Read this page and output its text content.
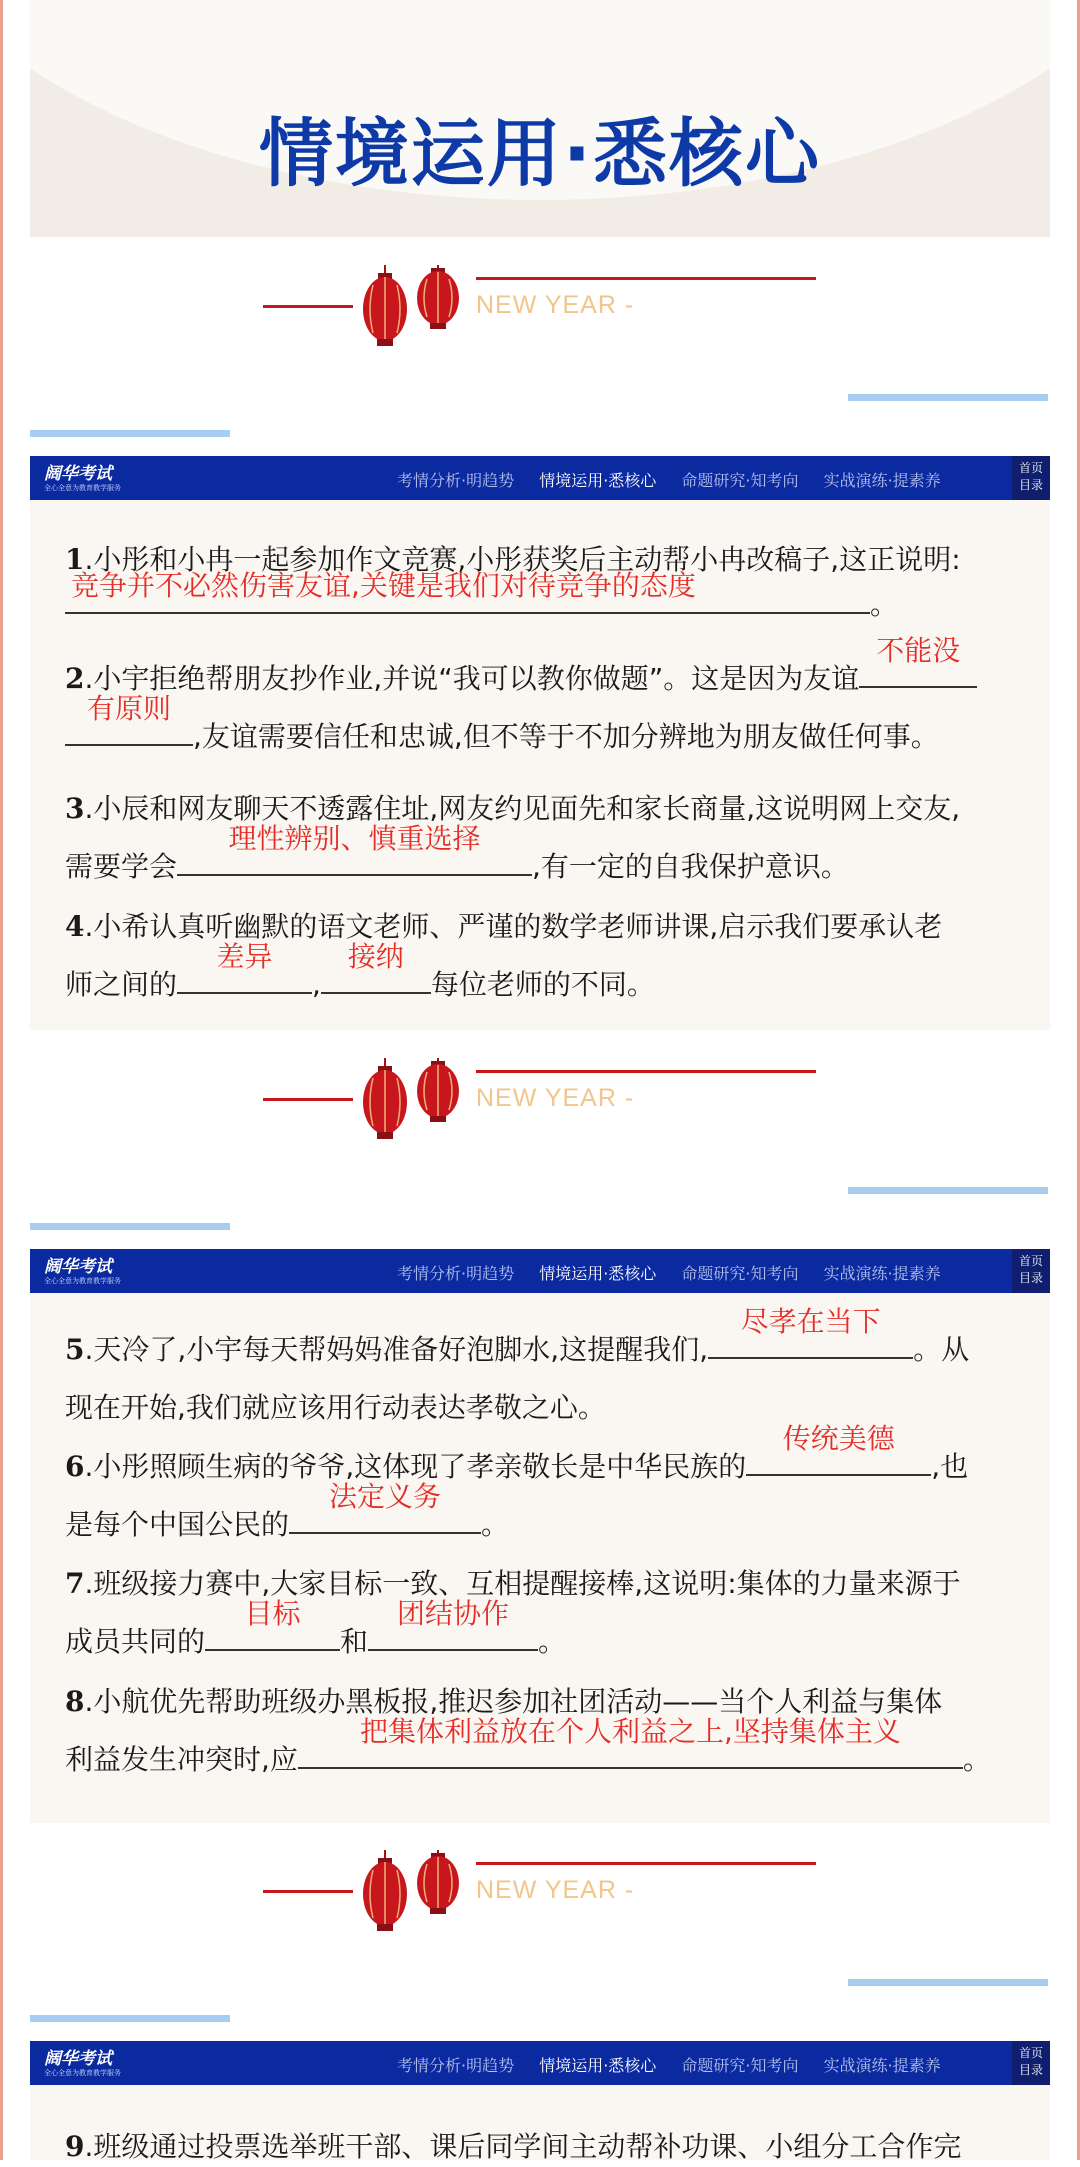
情境运用·悉核心
NEW YEAR -
阔华考试
全心全意为教育教学服务	考情分析·明趋势 情境运用·悉核心 命题研究·知考向 实战演练·提素养
首页
目录
1.小彤和小冉一起参加作文竞赛,小彤获奖后主动帮小冉改稿子,这正说明:

竞争并不必然伤害友谊,关键是我们对待竞争的态度
。
2.小宇拒绝帮朋友抄作业,并说“我可以教你做题”。这是因为友谊
不能没

有原则
,友谊需要信任和忠诚,但不等于不加分辨地为朋友做任何事。
3.小辰和网友聊天不透露住址,网友约见面先和家长商量,这说明网上交友,
需要学会
理性辨别、慎重选择
,有一定的自我保护意识。
4.小希认真听幽默的语文老师、严谨的数学老师讲课,启示我们要承认老
师之间的
差异
,
接纳
每位老师的不同。
NEW YEAR -
阔华考试
全心全意为教育教学服务	考情分析·明趋势 情境运用·悉核心 命题研究·知考向 实战演练·提素养
首页
目录
5.天冷了,小宇每天帮妈妈准备好泡脚水,这提醒我们,
尽孝在当下
。从
现在开始,我们就应该用行动表达孝敬之心。
6.小彤照顾生病的爷爷,这体现了孝亲敬长是中华民族的
传统美德
,也
是每个中国公民的
法定义务
。
7.班级接力赛中,大家目标一致、互相提醒接棒,这说明:集体的力量来源于
成员共同的
目标
和
团结协作
。
8.小航优先帮助班级办黑板报,推迟参加社团活动——当个人利益与集体
利益发生冲突时,应
把集体利益放在个人利益之上,坚持集体主义
。
NEW YEAR -
阔华考试
全心全意为教育教学服务	考情分析·明趋势 情境运用·悉核心 命题研究·知考向 实战演练·提素养
首页
目录
9.班级通过投票选举班干部、课后同学间主动帮补功课、小组分工合作完
